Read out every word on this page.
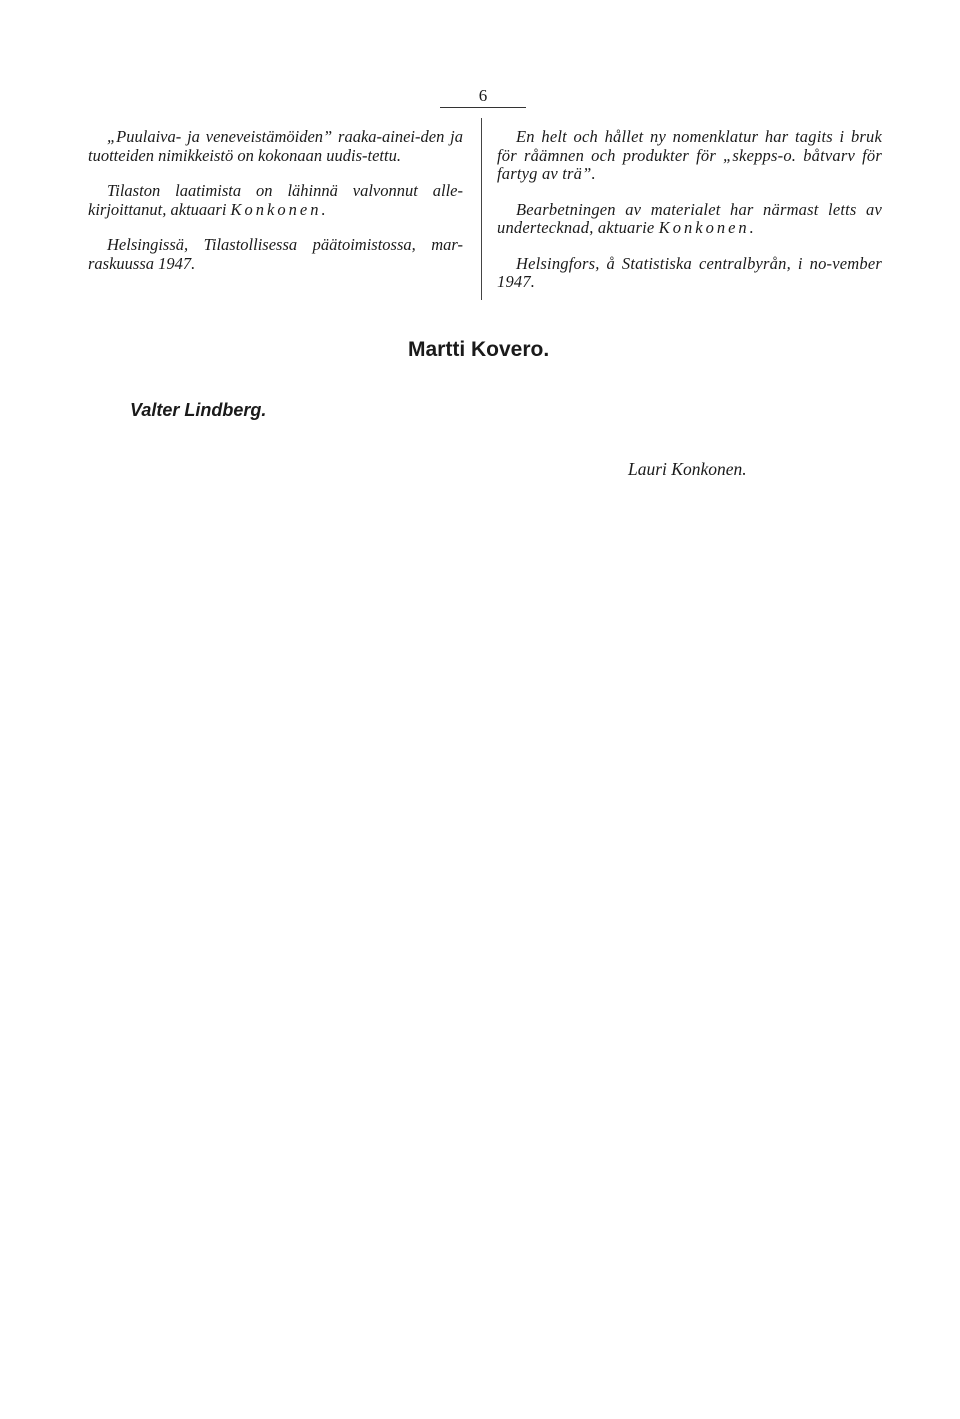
6

„Puulaiva- ja veneveistämöiden” raaka-ainei-den ja tuotteiden nimikkeistö on kokonaan uudis-tettu.

Tilaston laatimista on lähinnä valvonnut alle-kirjoittanut, aktuaari Konkonen.

Helsingissä, Tilastollisessa päätoimistossa, mar-raskuussa 1947.

En helt och hållet ny nomenklatur har tagits i bruk för råämnen och produkter för „skepps-o. båtvarv för fartyg av trä”.

Bearbetningen av materialet har närmast letts av undertecknad, aktuarie Konkonen.

Helsingfors, å Statistiska centralbyrån, i no-vember 1947.

Martti Kovero.
Valter Lindberg.
Lauri Konkonen.
